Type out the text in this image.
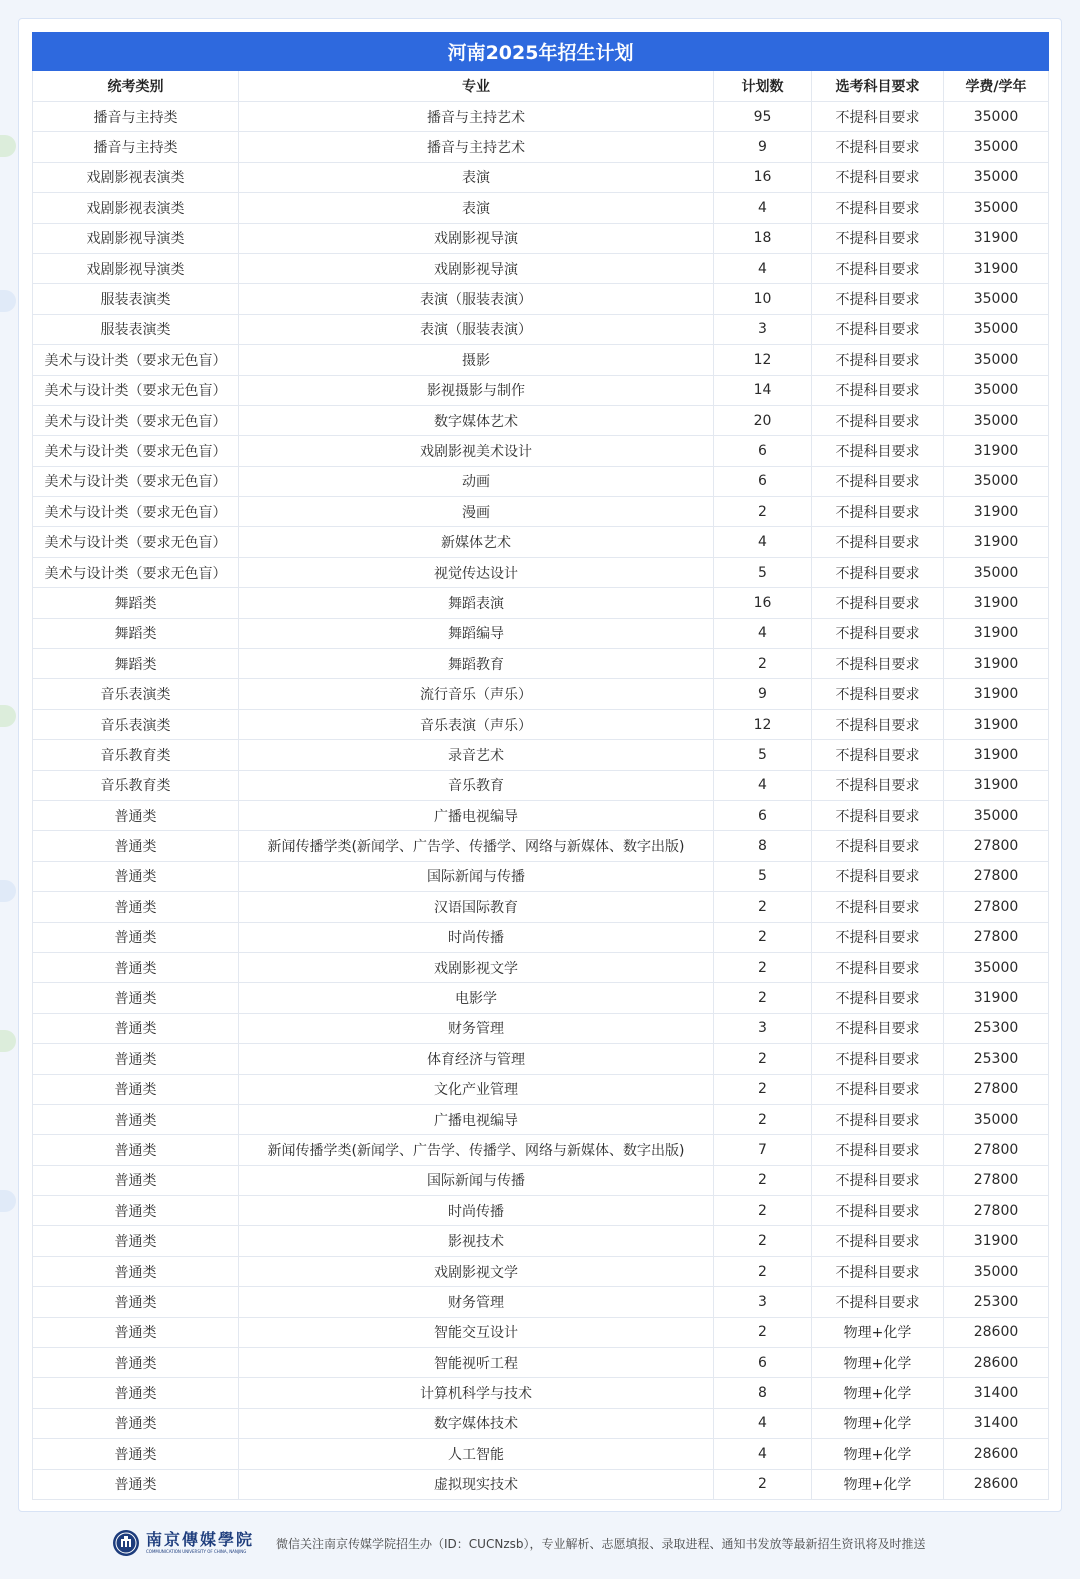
河南2025年招生计划				
统考类别	专业	计划数	选考科目要求	学费/学年
播音与主持类	播音与主持艺术	95	不提科目要求	35000
播音与主持类	播音与主持艺术	9	不提科目要求	35000
戏剧影视表演类	表演	16	不提科目要求	35000
戏剧影视表演类	表演	4	不提科目要求	35000
戏剧影视导演类	戏剧影视导演	18	不提科目要求	31900
戏剧影视导演类	戏剧影视导演	4	不提科目要求	31900
服装表演类	表演（服装表演）	10	不提科目要求	35000
服装表演类	表演（服装表演）	3	不提科目要求	35000
美术与设计类（要求无色盲）	摄影	12	不提科目要求	35000
美术与设计类（要求无色盲）	影视摄影与制作	14	不提科目要求	35000
美术与设计类（要求无色盲）	数字媒体艺术	20	不提科目要求	35000
美术与设计类（要求无色盲）	戏剧影视美术设计	6	不提科目要求	31900
美术与设计类（要求无色盲）	动画	6	不提科目要求	35000
美术与设计类（要求无色盲）	漫画	2	不提科目要求	31900
美术与设计类（要求无色盲）	新媒体艺术	4	不提科目要求	31900
美术与设计类（要求无色盲）	视觉传达设计	5	不提科目要求	35000
舞蹈类	舞蹈表演	16	不提科目要求	31900
舞蹈类	舞蹈编导	4	不提科目要求	31900
舞蹈类	舞蹈教育	2	不提科目要求	31900
音乐表演类	流行音乐（声乐）	9	不提科目要求	31900
音乐表演类	音乐表演（声乐）	12	不提科目要求	31900
音乐教育类	录音艺术	5	不提科目要求	31900
音乐教育类	音乐教育	4	不提科目要求	31900
普通类	广播电视编导	6	不提科目要求	35000
普通类	新闻传播学类(新闻学、广告学、传播学、网络与新媒体、数字出版)	8	不提科目要求	27800
普通类	国际新闻与传播	5	不提科目要求	27800
普通类	汉语国际教育	2	不提科目要求	27800
普通类	时尚传播	2	不提科目要求	27800
普通类	戏剧影视文学	2	不提科目要求	35000
普通类	电影学	2	不提科目要求	31900
普通类	财务管理	3	不提科目要求	25300
普通类	体育经济与管理	2	不提科目要求	25300
普通类	文化产业管理	2	不提科目要求	27800
普通类	广播电视编导	2	不提科目要求	35000
普通类	新闻传播学类(新闻学、广告学、传播学、网络与新媒体、数字出版)	7	不提科目要求	27800
普通类	国际新闻与传播	2	不提科目要求	27800
普通类	时尚传播	2	不提科目要求	27800
普通类	影视技术	2	不提科目要求	31900
普通类	戏剧影视文学	2	不提科目要求	35000
普通类	财务管理	3	不提科目要求	25300
普通类	智能交互设计	2	物理+化学	28600
普通类	智能视听工程	6	物理+化学	28600
普通类	计算机科学与技术	8	物理+化学	31400
普通类	数字媒体技术	4	物理+化学	31400
普通类	人工智能	4	物理+化学	28600
普通类	虚拟现实技术	2	物理+化学	28600
南京傳媒學院
COMMUNICATION UNIVERSITY OF CHINA, NANJING
微信关注南京传媒学院招生办（ID：CUCNzsb），专业解析、志愿填报、录取进程、通知书发放等最新招生资讯将及时推送
